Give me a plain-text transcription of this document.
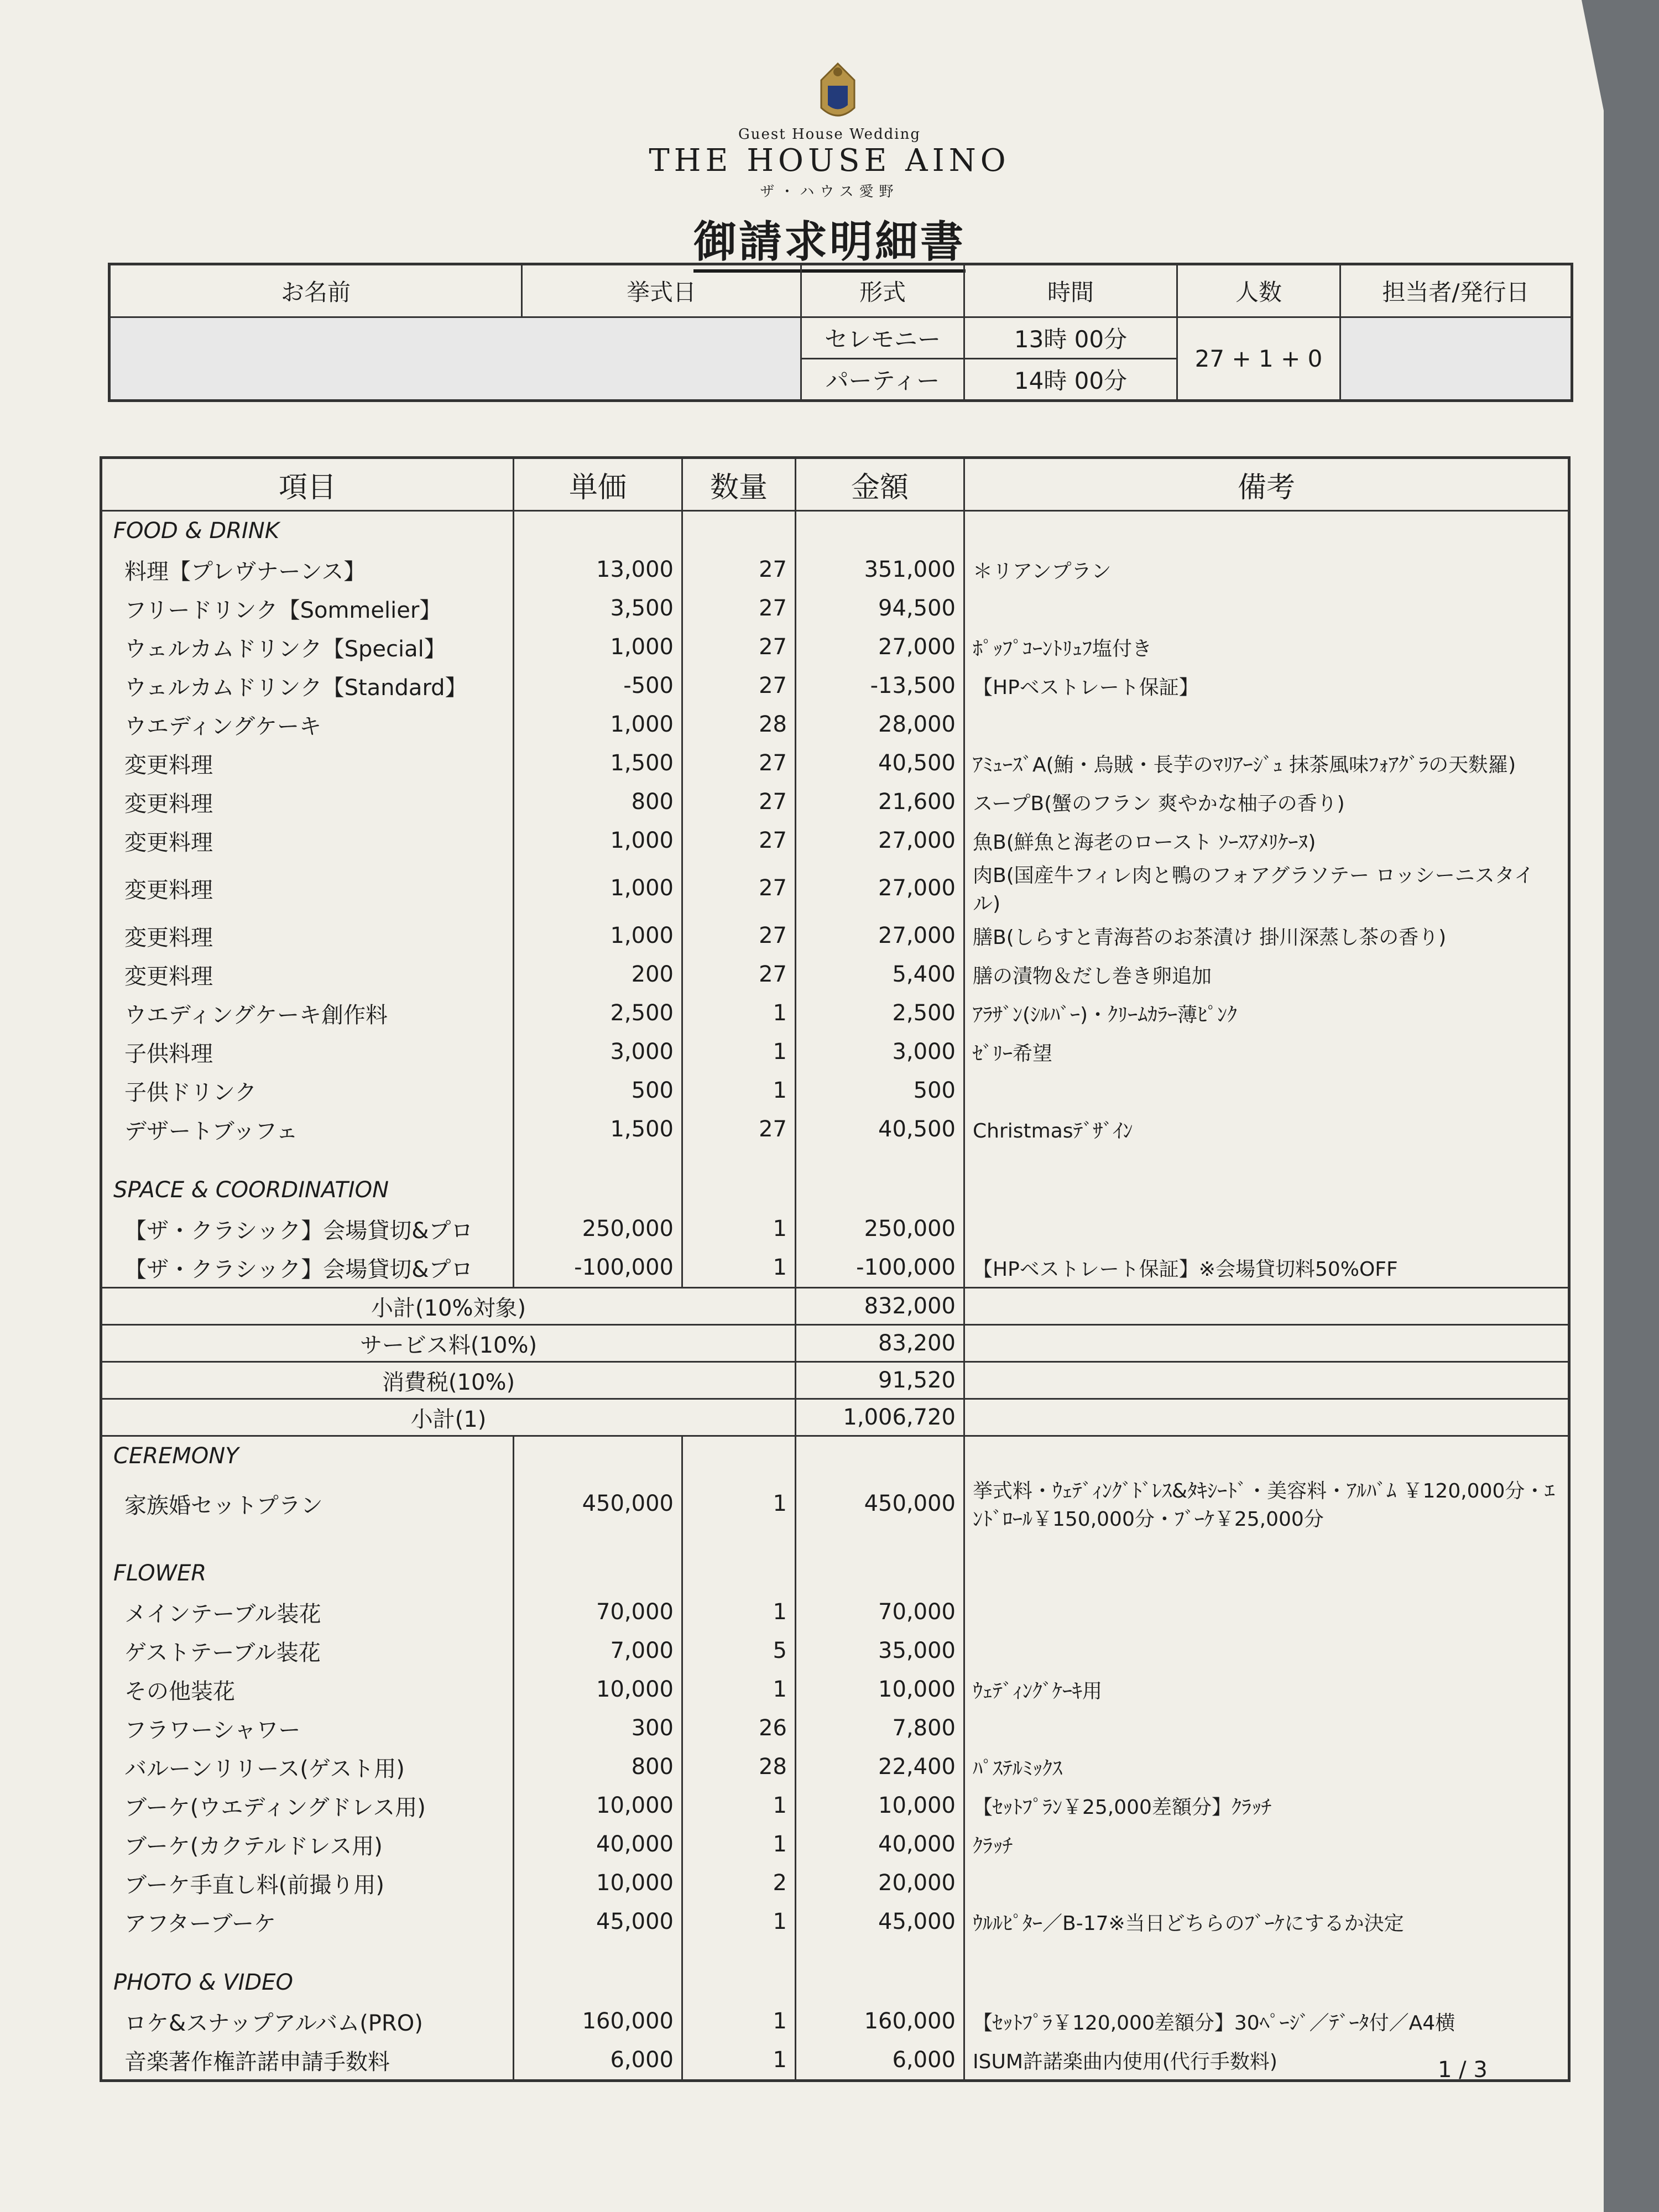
Guest House Wedding
THE HOUSE AINO
ザ・ハウス愛野
御請求明細書
お名前	挙式日	形式	時間	人数	担当者/発行日
		セレモニー	13時 00分	27 + 1 + 0	
		パーティー	14時 00分		
項目	単価	数量	金額	備考
FOOD & DRINK				
料理【プレヴナーンス】	13,000	27	351,000	＊リアンプラン
フリードリンク【Sommelier】	3,500	27	94,500	
ウェルカムドリンク【Special】	1,000	27	27,000	ﾎﾟｯﾌﾟｺｰﾝﾄﾘｭﾌ塩付き
ウェルカムドリンク【Standard】	-500	27	-13,500	【HPベストレート保証】
ウエディングケーキ	1,000	28	28,000	
変更料理	1,500	27	40,500	ｱﾐｭｰｽﾞA(鮪・烏賊・長芋のﾏﾘｱｰｼﾞｭ 抹茶風味ﾌｫｱｸﾞﾗの天麩羅)
変更料理	800	27	21,600	スープB(蟹のフラン 爽やかな柚子の香り)
変更料理	1,000	27	27,000	魚B(鮮魚と海老のロースト ｿｰｽｱﾒﾘｹｰﾇ)
変更料理	1,000	27	27,000	肉B(国産牛フィレ肉と鴨のフォアグラソテー ロッシーニスタイル)
変更料理	1,000	27	27,000	膳B(しらすと青海苔のお茶漬け 掛川深蒸し茶の香り)
変更料理	200	27	5,400	膳の漬物＆だし巻き卵追加
ウエディングケーキ創作料	2,500	1	2,500	ｱﾗｻﾞﾝ(ｼﾙﾊﾞｰ)・ｸﾘｰﾑｶﾗｰ薄ﾋﾟﾝｸ
子供料理	3,000	1	3,000	ｾﾞﾘｰ希望
子供ドリンク	500	1	500	
デザートブッフェ	1,500	27	40,500	Christmasﾃﾞｻﾞｲﾝ

SPACE & COORDINATION				
【ザ・クラシック】会場貸切&プロ	250,000	1	250,000	
【ザ・クラシック】会場貸切&プロ	-100,000	1	-100,000	【HPベストレート保証】※会場貸切料50%OFF
小計(10%対象)			832,000	
サービス料(10%)			83,200	
消費税(10%)			91,520	
小計(1)			1,006,720	
CEREMONY				
家族婚セットプラン	450,000	1	450,000	挙式料・ｳｪﾃﾞｨﾝｸﾞﾄﾞﾚｽ&ﾀｷｼｰﾄﾞ・美容料・ｱﾙﾊﾞﾑ ￥120,000分・ｴﾝﾄﾞﾛｰﾙ￥150,000分・ﾌﾞｰｹ￥25,000分

FLOWER				
メインテーブル装花	70,000	1	70,000	
ゲストテーブル装花	7,000	5	35,000	
その他装花	10,000	1	10,000	ｳｪﾃﾞｨﾝｸﾞｹｰｷ用
フラワーシャワー	300	26	7,800	
バルーンリリース(ゲスト用)	800	28	22,400	ﾊﾟｽﾃﾙﾐｯｸｽ
ブーケ(ウエディングドレス用)	10,000	1	10,000	【ｾｯﾄﾌﾟﾗﾝ￥25,000差額分】ｸﾗｯﾁ
ブーケ(カクテルドレス用)	40,000	1	40,000	ｸﾗｯﾁ
ブーケ手直し料(前撮り用)	10,000	2	20,000	
アフターブーケ	45,000	1	45,000	ｳﾙﾙﾋﾟﾀｰ／B-17※当日どちらのﾌﾞｰｹにするか決定

PHOTO & VIDEO				
ロケ&スナップアルバム(PRO)	160,000	1	160,000	【ｾｯﾄﾌﾟﾗ￥120,000差額分】30ﾍﾟｰｼﾞ／ﾃﾞｰﾀ付／A4横
音楽著作権許諾申請手数料	6,000	1	6,000	ISUM許諾楽曲内使用(代行手数料)	1 / 3
